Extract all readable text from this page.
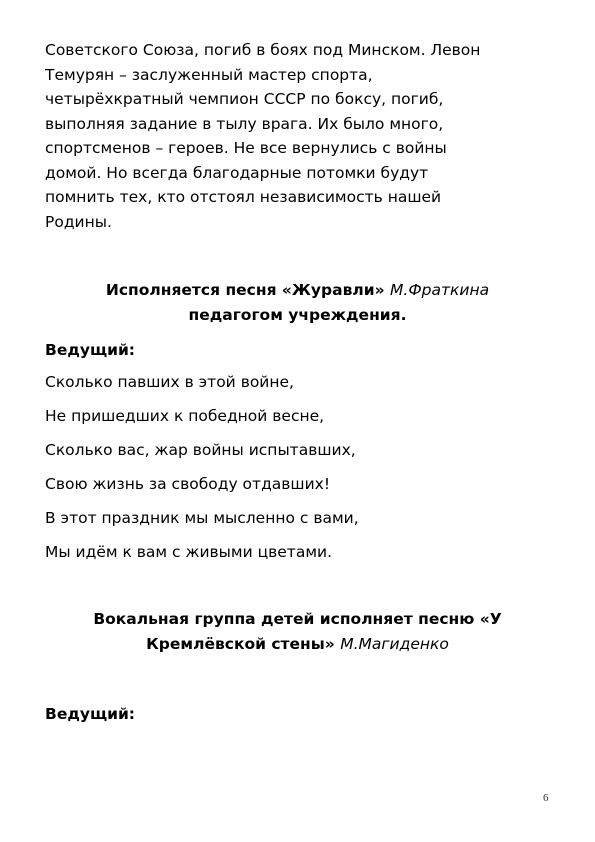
Советского Союза, погиб в боях под Минском. Левон
Темурян – заслуженный мастер спорта,
четырёхкратный чемпион СССР по боксу, погиб,
выполняя задание в тылу врага. Их было много,
спортсменов – героев. Не все вернулись с войны
домой. Но всегда благодарные потомки будут
помнить тех, кто отстоял независимость нашей
Родины.
Исполняется песня «Журавли» М.Фраткина
педагогом учреждения.
Ведущий:
Сколько павших в этой войне,
Не пришедших к победной весне,
Сколько вас, жар войны испытавших,
Свою жизнь за свободу отдавших!
В этот праздник мы мысленно с вами,
Мы идём к вам с живыми цветами.
Вокальная группа детей исполняет песню «У
Кремлёвской стены» М.Магиденко
Ведущий:
6
